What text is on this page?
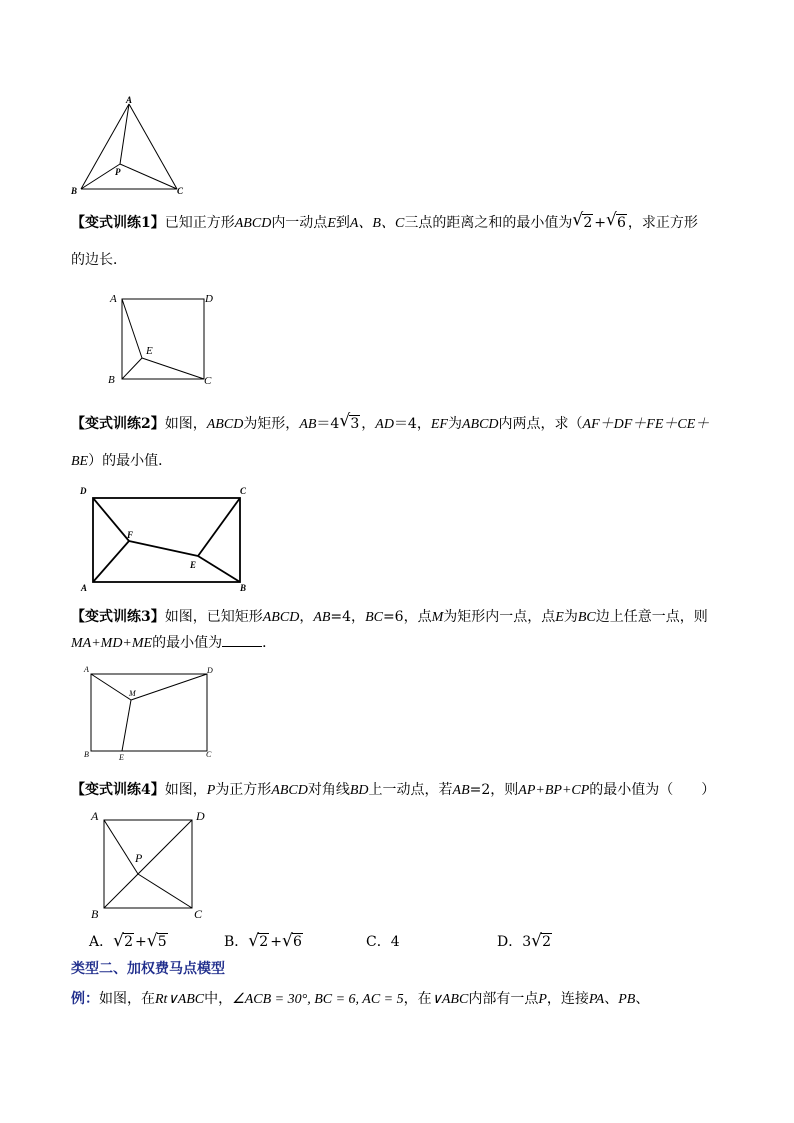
A
B	C
P
【变式训练1】已知正方形ABCD内一动点E到A、B、C三点的距离之和的最小值为 √ 2 + √ 6 ，求正方形
的边长．
A	D
B	C
E
【变式训练2】如图，ABCD为矩形，AB＝4 √ 3 ，AD＝4，EF为ABCD内两点，求（AF＋DF＋FE＋CE＋
BE）的最小值．
D	C
A	B
F
E
【变式训练3】如图，已知矩形ABCD，AB=4，BC=6，点M为矩形内一点，点E为BC边上任意一点，则
MA+MD+ME的最小值为	．
A	D
B	C
M
E
【变式训练4】如图，P为正方形ABCD对角线BD上一动点，若AB=2，则AP+BP+CP的最小值为（　　）
A	D
B	C
P
A． √ 2 + √ 5	B． √ 2 + √ 6	C．4	D．3 √ 2
类型二、加权费马点模型
例：如图，在Rt∨ABC中，∠ACB = 30°, BC = 6, AC = 5，在∨ABC内部有一点P，连接PA、PB、
